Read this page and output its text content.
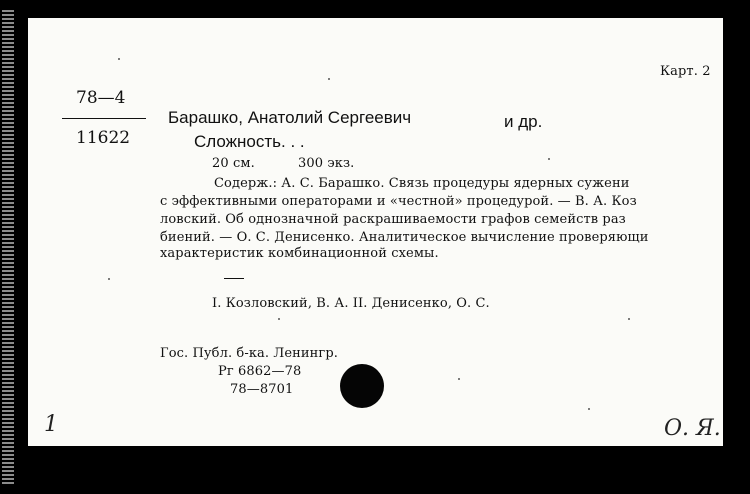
Карт. 2
78—4
11622
Барашко, Анатолий Сергеевич	и др.
Сложность. . .
20 см.	300 экз.
Содерж.: А. С. Барашко. Связь процедуры ядерных сужени
с эффективными операторами и «честной» процедурой. — В. А. Коз
ловский. Об однозначной раскрашиваемости графов семейств раз
биений. — О. С. Денисенко. Аналитическое вычисление проверяющи
характеристик комбинационной схемы.
I. Козловский, В. А. II. Денисенко, О. С.
Гос. Публ. б-ка. Ленингр.
Рг 6862—78
78—8701
1	О. Я.
